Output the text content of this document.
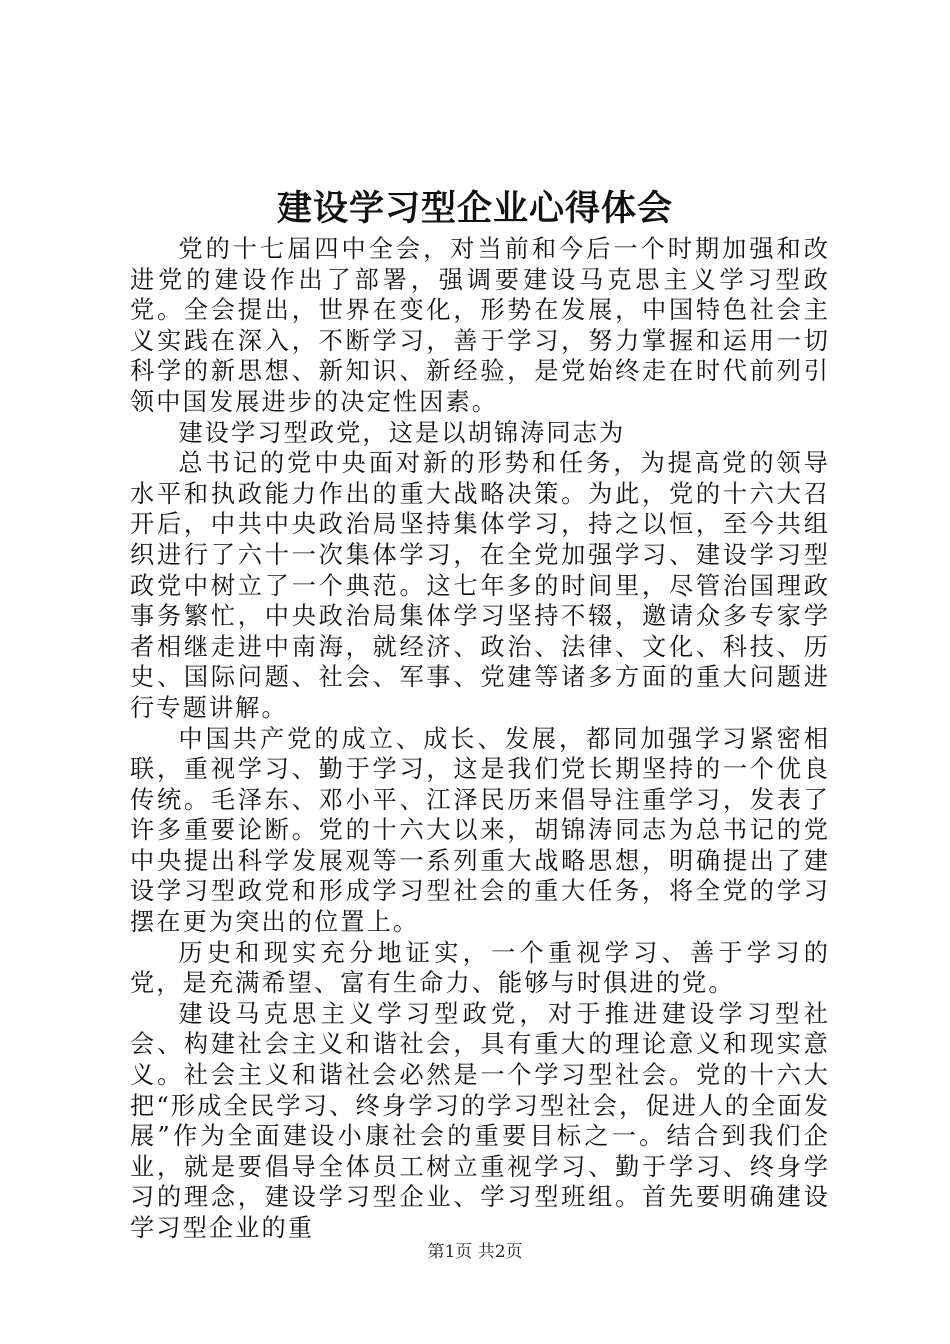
建设学习型企业心得体会

党的十七届四中全会，对当前和今后一个时期加强和改进党的建设作出了部署，强调要建设马克思主义学习型政党。全会提出，世界在变化，形势在发展，中国特色社会主义实践在深入，不断学习，善于学习，努力掌握和运用一切科学的新思想、新知识、新经验，是党始终走在时代前列引领中国发展进步的决定性因素。

建设学习型政党，这是以胡锦涛同志为

总书记的党中央面对新的形势和任务，为提高党的领导水平和执政能力作出的重大战略决策。为此，党的十六大召开后，中共中央政治局坚持集体学习，持之以恒，至今共组织进行了六十一次集体学习，在全党加强学习、建设学习型政党中树立了一个典范。这七年多的时间里，尽管治国理政事务繁忙，中央政治局集体学习坚持不辍，邀请众多专家学者相继走进中南海，就经济、政治、法律、文化、科技、历史、国际问题、社会、军事、党建等诸多方面的重大问题进行专题讲解。

中国共产党的成立、成长、发展，都同加强学习紧密相联，重视学习、勤于学习，这是我们党长期坚持的一个优良传统。毛泽东、邓小平、江泽民历来倡导注重学习，发表了许多重要论断。党的十六大以来，胡锦涛同志为总书记的党中央提出科学发展观等一系列重大战略思想，明确提出了建设学习型政党和形成学习型社会的重大任务，将全党的学习摆在更为突出的位置上。

历史和现实充分地证实，一个重视学习、善于学习的党，是充满希望、富有生命力、能够与时俱进的党。

建设马克思主义学习型政党，对于推进建设学习型社会、构建社会主义和谐社会，具有重大的理论意义和现实意义。社会主义和谐社会必然是一个学习型社会。党的十六大把“形成全民学习、终身学习的学习型社会，促进人的全面发展”作为全面建设小康社会的重要目标之一。结合到我们企业，就是要倡导全体员工树立重视学习、勤于学习、终身学习的理念，建设学习型企业、学习型班组。首先要明确建设学习型企业的重

第1页 共2页
